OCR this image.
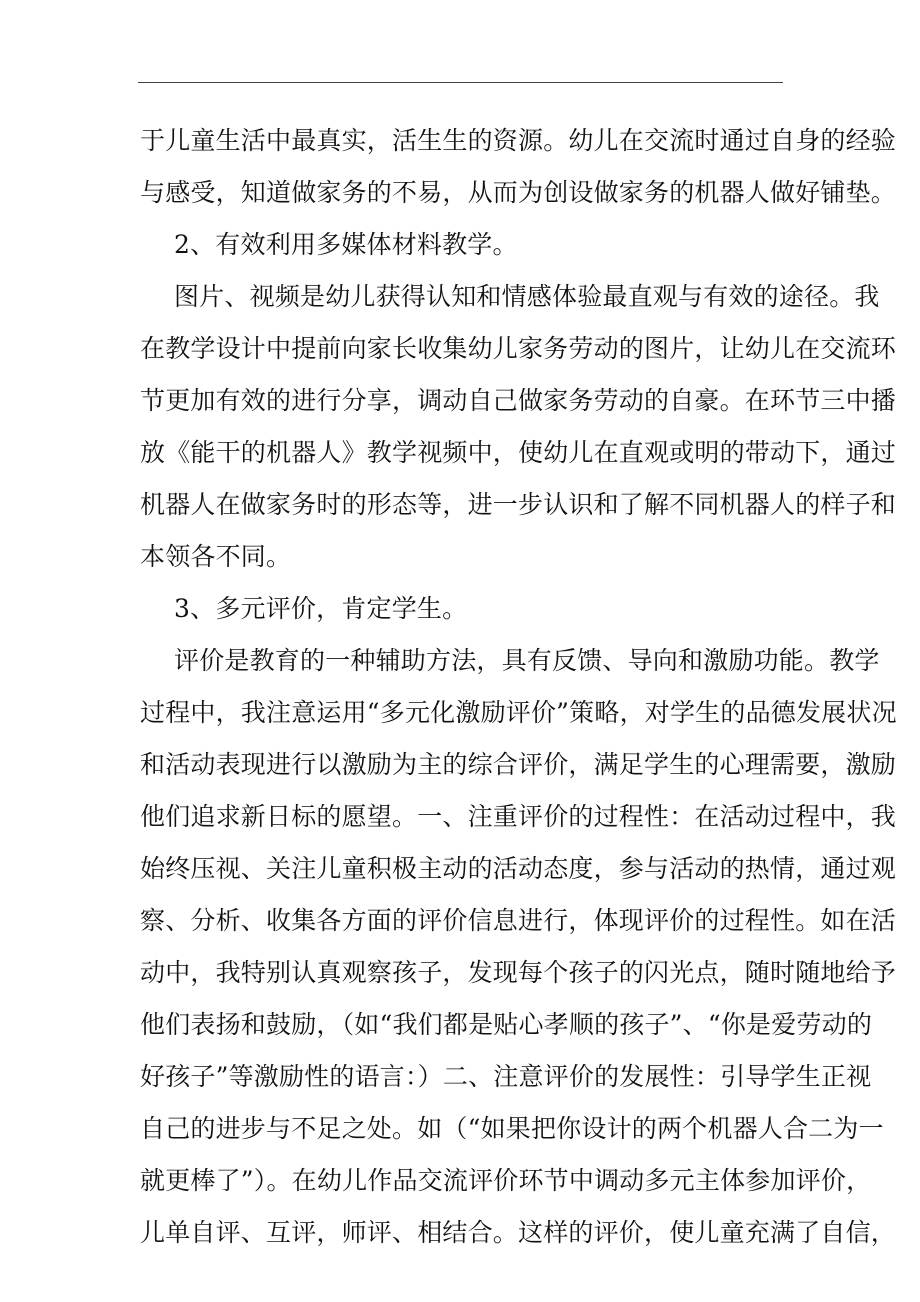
于儿童生活中最真实，活生生的资源。幼儿在交流时通过自身的经验
与感受，知道做家务的不易，从而为创设做家务的机器人做好铺垫。
2、有效利用多媒体材料教学。
图片、视频是幼儿获得认知和情感体验最直观与有效的途径。我
在教学设计中提前向家长收集幼儿家务劳动的图片，让幼儿在交流环
节更加有效的进行分享，调动自己做家务劳动的自豪。在环节三中播
放《能干的机器人》教学视频中，使幼儿在直观或明的带动下，通过
机器人在做家务时的形态等，进一步认识和了解不同机器人的样子和
本领各不同。
3、多元评价，肯定学生。
评价是教育的一种辅助方法，具有反馈、导向和激励功能。教学
过程中，我注意运用“多元化激励评价”策略，对学生的品德发展状况
和活动表现进行以激励为主的综合评价，满足学生的心理需要，激励
他们追求新日标的愿望。一、注重评价的过程性：在活动过程中，我
始终压视、关注儿童积极主动的活动态度，参与活动的热情，通过观
察、分析、收集各方面的评价信息进行，体现评价的过程性。如在活
动中，我特别认真观察孩子，发现每个孩子的闪光点，随时随地给予
他们表扬和鼓励，（如“我们都是贴心孝顺的孩子”、“你是爱劳动的
好孩子”等激励性的语言：）二、注意评价的发展性：引导学生正视
自己的进步与不足之处。如（“如果把你设计的两个机器人合二为一
就更棒了”）。在幼儿作品交流评价环节中调动多元主体参加评价，
儿单自评、互评，师评、相结合。这样的评价，使儿童充满了自信，
